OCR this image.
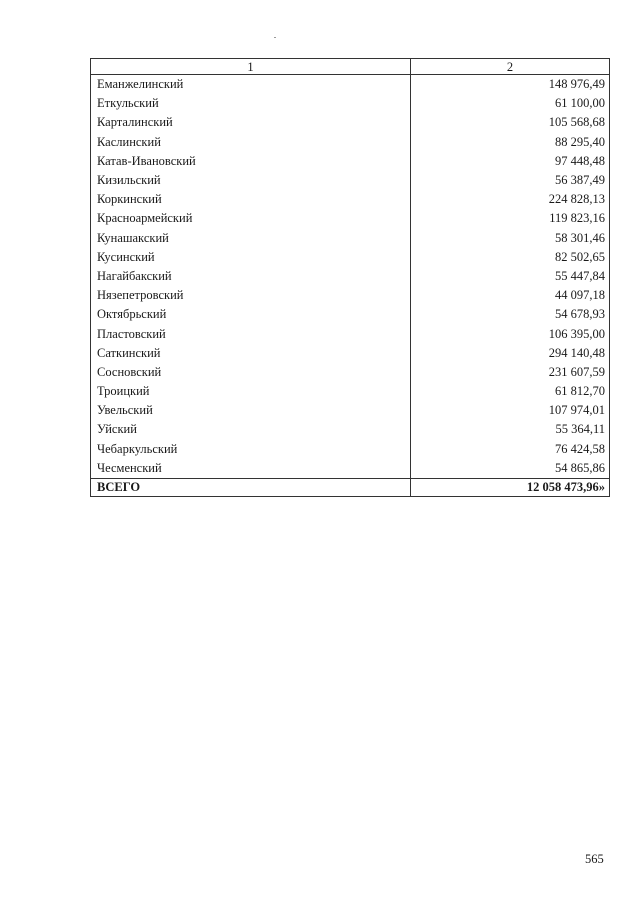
1	2
Еманжелинский	148 976,49
Еткульский	61 100,00
Карталинский	105 568,68
Каслинский	88 295,40
Катав-Ивановский	97 448,48
Кизильский	56 387,49
Коркинский	224 828,13
Красноармейский	119 823,16
Кунашакский	58 301,46
Кусинский	82 502,65
Нагайбакский	55 447,84
Нязепетровский	44 097,18
Октябрьский	54 678,93
Пластовский	106 395,00
Саткинский	294 140,48
Сосновский	231 607,59
Троицкий	61 812,70
Увельский	107 974,01
Уйский	55 364,11
Чебаркульский	76 424,58
Чесменский	54 865,86
ВСЕГО	12 058 473,96»
565
